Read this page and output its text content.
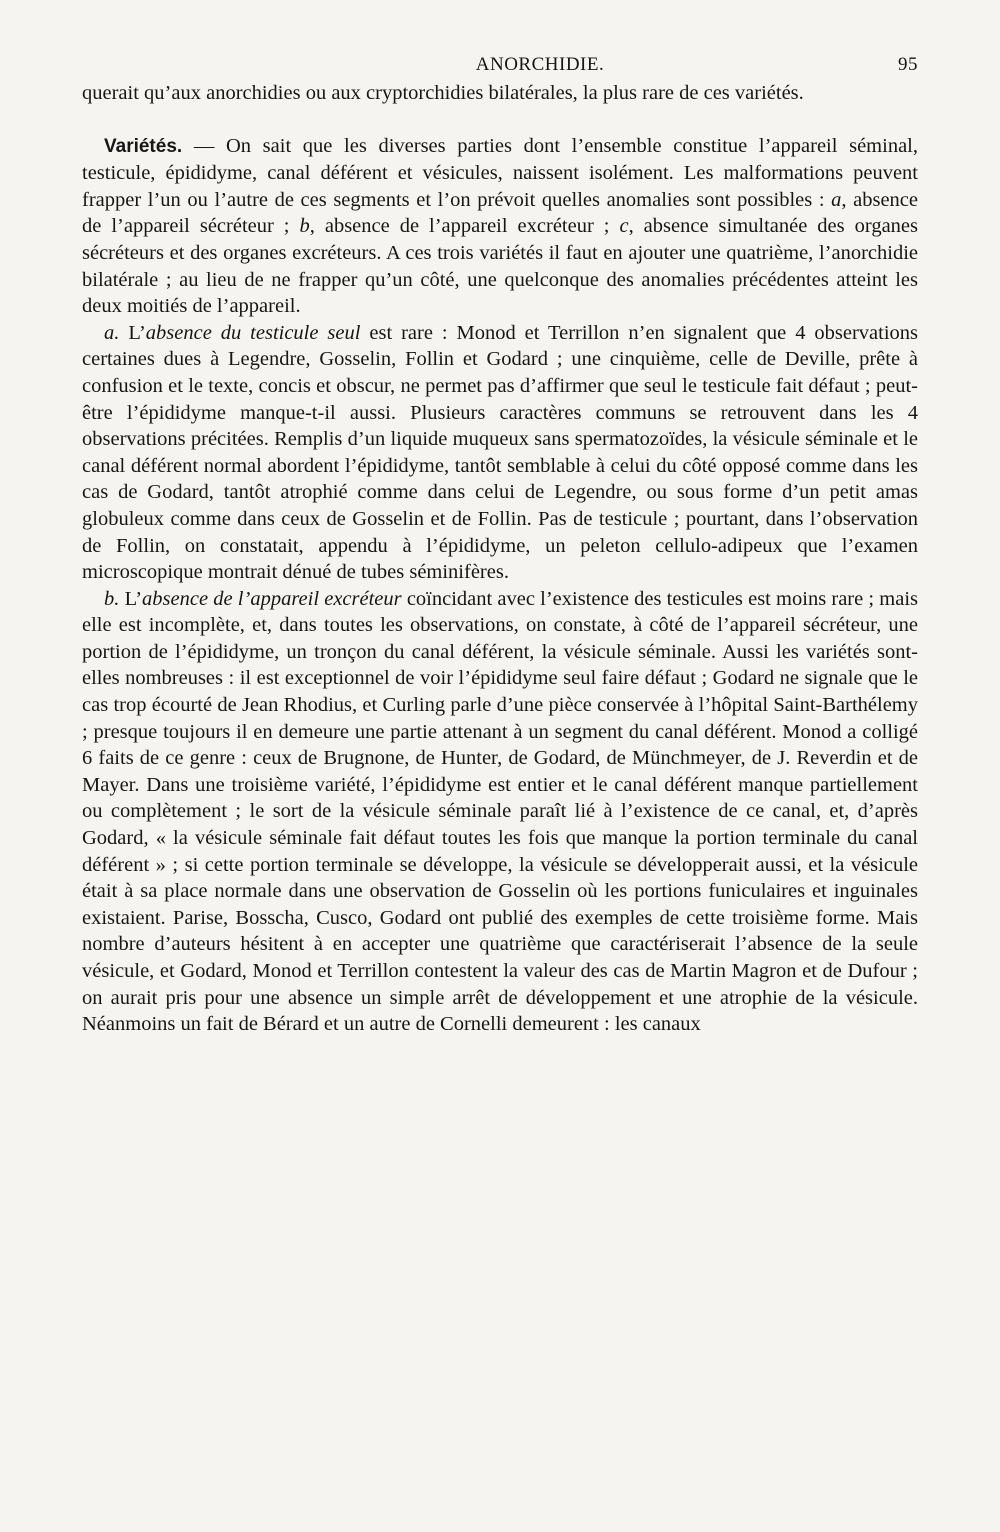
ANORCHIDIE.	95

querait qu’aux anorchidies ou aux cryptorchidies bilatérales, la plus rare de ces variétés.

Variétés. — On sait que les diverses parties dont l’ensemble constitue l’appareil séminal, testicule, épididyme, canal déférent et vésicules, naissent isolément. Les malformations peuvent frapper l’un ou l’autre de ces segments et l’on prévoit quelles anomalies sont possibles : a, absence de l’appareil sécréteur ; b, absence de l’appareil excréteur ; c, absence simultanée des organes sécréteurs et des organes excréteurs. A ces trois variétés il faut en ajouter une quatrième, l’anorchidie bilatérale ; au lieu de ne frapper qu’un côté, une quelconque des anomalies précédentes atteint les deux moitiés de l’appareil.

a. L’absence du testicule seul est rare : Monod et Terrillon n’en signalent que 4 observations certaines dues à Legendre, Gosselin, Follin et Godard ; une cinquième, celle de Deville, prête à confusion et le texte, concis et obscur, ne permet pas d’affirmer que seul le testicule fait défaut ; peut-être l’épididyme manque-t-il aussi. Plusieurs caractères communs se retrouvent dans les 4 observations précitées. Remplis d’un liquide muqueux sans spermatozoïdes, la vésicule séminale et le canal déférent normal abordent l’épididyme, tantôt semblable à celui du côté opposé comme dans les cas de Godard, tantôt atrophié comme dans celui de Legendre, ou sous forme d’un petit amas globuleux comme dans ceux de Gosselin et de Follin. Pas de testicule ; pourtant, dans l’observation de Follin, on constatait, appendu à l’épididyme, un peleton cellulo-adipeux que l’examen microscopique montrait dénué de tubes séminifères.

b. L’absence de l’appareil excréteur coïncidant avec l’existence des testicules est moins rare ; mais elle est incomplète, et, dans toutes les observations, on constate, à côté de l’appareil sécréteur, une portion de l’épididyme, un tronçon du canal déférent, la vésicule séminale. Aussi les variétés sont-elles nombreuses : il est exceptionnel de voir l’épididyme seul faire défaut ; Godard ne signale que le cas trop écourté de Jean Rhodius, et Curling parle d’une pièce conservée à l’hôpital Saint-Barthélemy ; presque toujours il en demeure une partie attenant à un segment du canal déférent. Monod a colligé 6 faits de ce genre : ceux de Brugnone, de Hunter, de Godard, de Münchmeyer, de J. Reverdin et de Mayer. Dans une troisième variété, l’épididyme est entier et le canal déférent manque partiellement ou complètement ; le sort de la vésicule séminale paraît lié à l’existence de ce canal, et, d’après Godard, « la vésicule séminale fait défaut toutes les fois que manque la portion terminale du canal déférent » ; si cette portion terminale se développe, la vésicule se développerait aussi, et la vésicule était à sa place normale dans une observation de Gosselin où les portions funiculaires et inguinales existaient. Parise, Bosscha, Cusco, Godard ont publié des exemples de cette troisième forme. Mais nombre d’auteurs hésitent à en accepter une quatrième que caractériserait l’absence de la seule vésicule, et Godard, Monod et Terrillon contestent la valeur des cas de Martin Magron et de Dufour ; on aurait pris pour une absence un simple arrêt de développement et une atrophie de la vésicule. Néanmoins un fait de Bérard et un autre de Cornelli demeurent : les canaux
